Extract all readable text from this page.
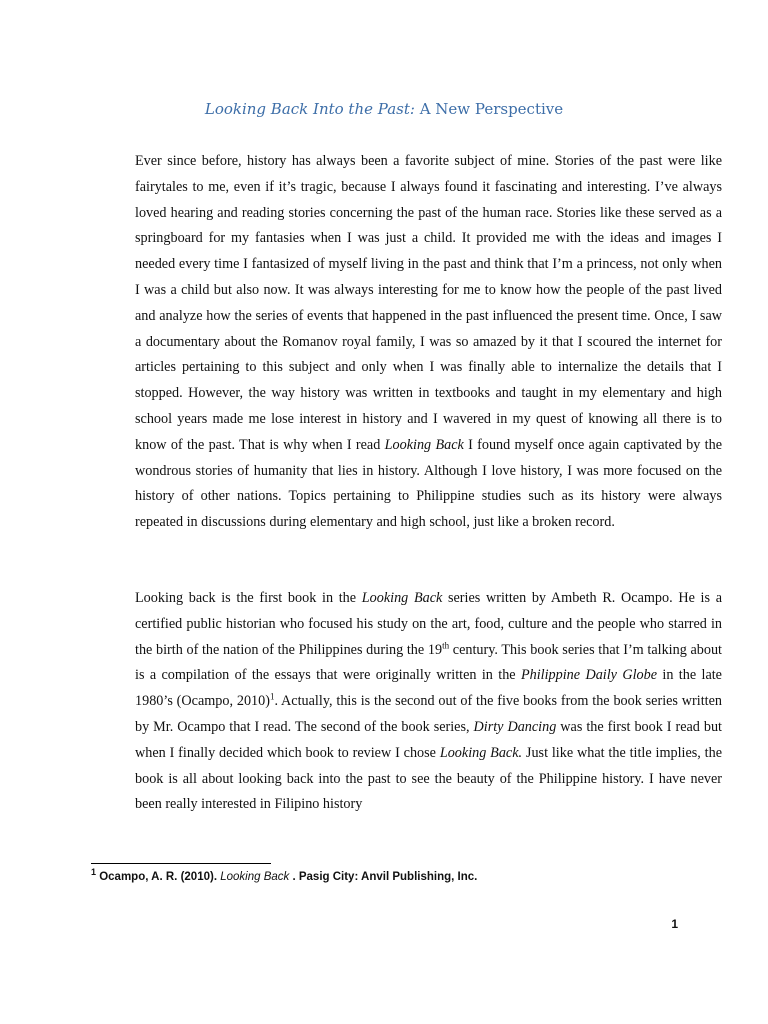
Looking Back Into the Past: A New Perspective

Ever since before, history has always been a favorite subject of mine. Stories of the past were like fairytales to me, even if it’s tragic, because I always found it fascinating and interesting. I’ve always loved hearing and reading stories concerning the past of the human race. Stories like these served as a springboard for my fantasies when I was just a child. It provided me with the ideas and images I needed every time I fantasized of myself living in the past and think that I’m a princess, not only when I was a child but also now. It was always interesting for me to know how the people of the past lived and analyze how the series of events that happened in the past influenced the present time. Once, I saw a documentary about the Romanov royal family, I was so amazed by it that I scoured the internet for articles pertaining to this subject and only when I was finally able to internalize the details that I stopped. However, the way history was written in textbooks and taught in my elementary and high school years made me lose interest in history and I wavered in my quest of knowing all there is to know of the past. That is why when I read Looking Back I found myself once again captivated by the wondrous stories of humanity that lies in history. Although I love history, I was more focused on the history of other nations. Topics pertaining to Philippine studies such as its history were always repeated in discussions during elementary and high school, just like a broken record.

Looking back is the first book in the Looking Back series written by Ambeth R. Ocampo. He is a certified public historian who focused his study on the art, food, culture and the people who starred in the birth of the nation of the Philippines during the 19th century. This book series that I’m talking about is a compilation of the essays that were originally written in the Philippine Daily Globe in the late 1980’s (Ocampo, 2010)$^1$. Actually, this is the second out of the five books from the book series written by Mr. Ocampo that I read. The second of the book series, Dirty Dancing was the first book I read but when I finally decided which book to review I chose Looking Back. Just like what the title implies, the book is all about looking back into the past to see the beauty of the Philippine history. I have never been really interested in Filipino history

$^1$ Ocampo, A. R. (2010). Looking Back . Pasig City: Anvil Publishing, Inc.

1
